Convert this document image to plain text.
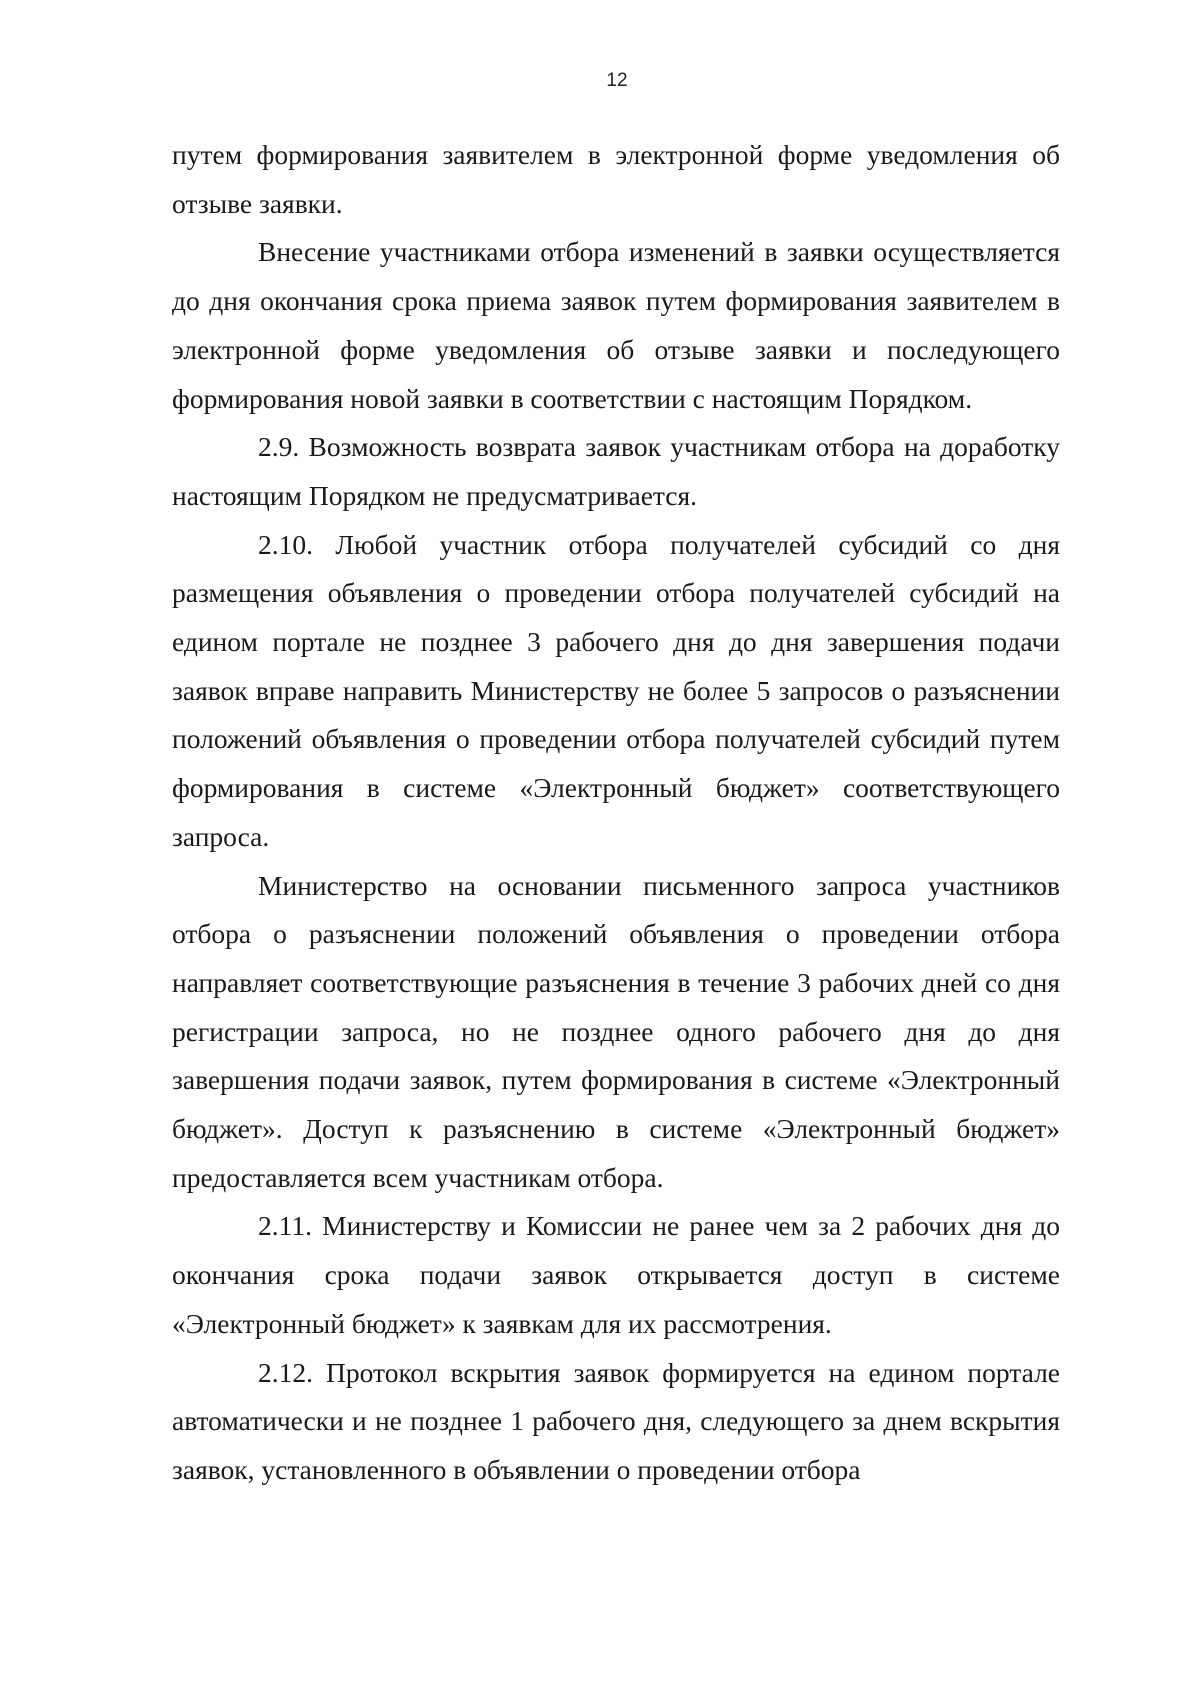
12

путем формирования заявителем в электронной форме уведомления об отзыве заявки.

Внесение участниками отбора изменений в заявки осуществляется до дня окончания срока приема заявок путем формирования заявителем в электронной форме уведомления об отзыве заявки и последующего формирования новой заявки в соответствии с настоящим Порядком.

2.9. Возможность возврата заявок участникам отбора на доработку настоящим Порядком не предусматривается.

2.10. Любой участник отбора получателей субсидий со дня размещения объявления о проведении отбора получателей субсидий на едином портале не позднее 3 рабочего дня до дня завершения подачи заявок вправе направить Министерству не более 5 запросов о разъяснении положений объявления о проведении отбора получателей субсидий путем формирования в системе «Электронный бюджет» соответствующего запроса.

Министерство на основании письменного запроса участников отбора о разъяснении положений объявления о проведении отбора направляет соответствующие разъяснения в течение 3 рабочих дней со дня регистрации запроса, но не позднее одного рабочего дня до дня завершения подачи заявок, путем формирования в системе «Электронный бюджет». Доступ к разъяснению в системе «Электронный бюджет» предоставляется всем участникам отбора.

2.11. Министерству и Комиссии не ранее чем за 2 рабочих дня до окончания срока подачи заявок открывается доступ в системе «Электронный бюджет» к заявкам для их рассмотрения.

2.12. Протокол вскрытия заявок формируется на едином портале автоматически и не позднее 1 рабочего дня, следующего за днем вскрытия заявок, установленного в объявлении о проведении отбора
